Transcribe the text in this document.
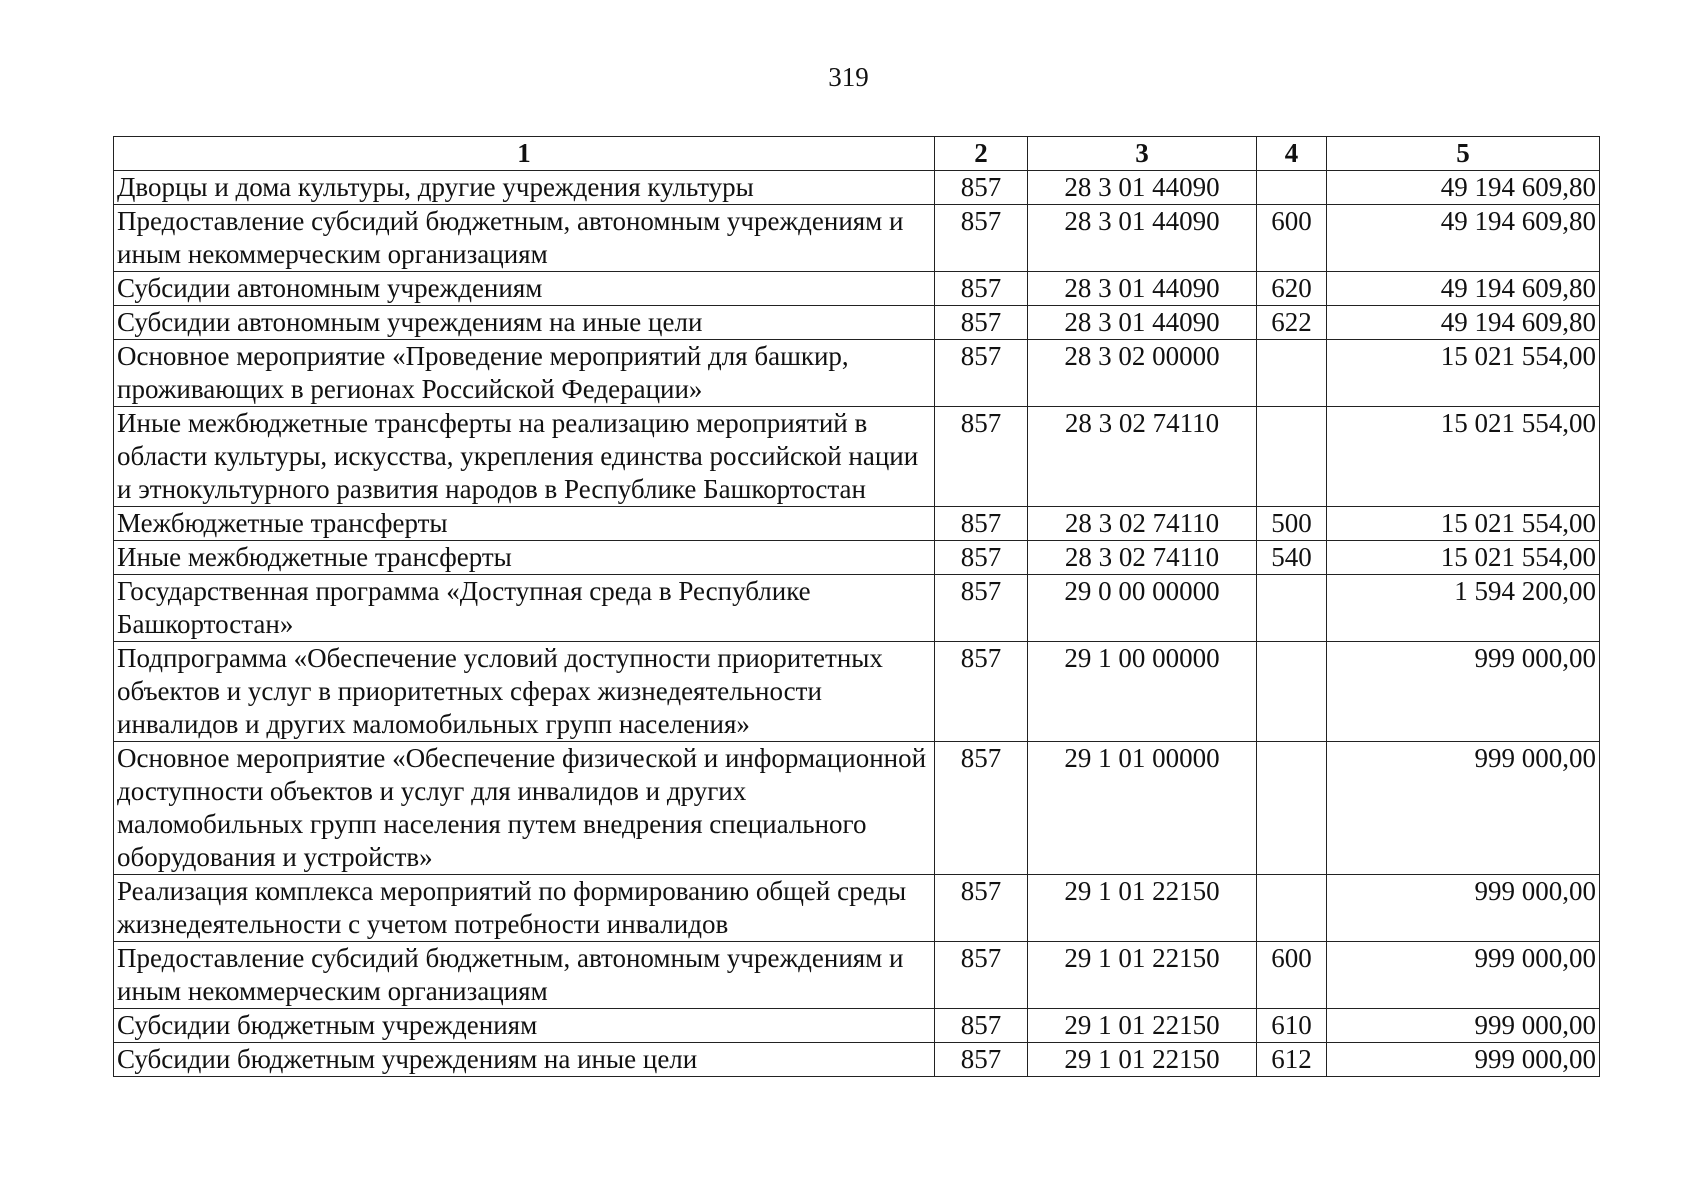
319
1	2	3	4	5
Дворцы и дома культуры, другие учреждения культуры	857	28 3 01 44090		49 194 609,80
Предоставление субсидий бюджетным, автономным учреждениям и иным некоммерческим организациям	857	28 3 01 44090	600	49 194 609,80
Субсидии автономным учреждениям	857	28 3 01 44090	620	49 194 609,80
Субсидии автономным учреждениям на иные цели	857	28 3 01 44090	622	49 194 609,80
Основное мероприятие «Проведение мероприятий для башкир, проживающих в регионах Российской Федерации»	857	28 3 02 00000		15 021 554,00
Иные межбюджетные трансферты на реализацию мероприятий в области культуры, искусства, укрепления единства российской нации и этнокультурного развития народов в Республике Башкортостан	857	28 3 02 74110		15 021 554,00
Межбюджетные трансферты	857	28 3 02 74110	500	15 021 554,00
Иные межбюджетные трансферты	857	28 3 02 74110	540	15 021 554,00
Государственная программа «Доступная среда в Республике Башкортостан»	857	29 0 00 00000		1 594 200,00
Подпрограмма «Обеспечение условий доступности приоритетных объектов и услуг в приоритетных сферах жизнедеятельности инвалидов и других маломобильных групп населения»	857	29 1 00 00000		999 000,00
Основное мероприятие «Обеспечение физической и информационной доступности объектов и услуг для инвалидов и других маломобильных групп населения путем внедрения специального оборудования и устройств»	857	29 1 01 00000		999 000,00
Реализация комплекса мероприятий по формированию общей среды жизнедеятельности с учетом потребности инвалидов	857	29 1 01 22150		999 000,00
Предоставление субсидий бюджетным, автономным учреждениям и иным некоммерческим организациям	857	29 1 01 22150	600	999 000,00
Субсидии бюджетным учреждениям	857	29 1 01 22150	610	999 000,00
Субсидии бюджетным учреждениям на иные цели	857	29 1 01 22150	612	999 000,00
